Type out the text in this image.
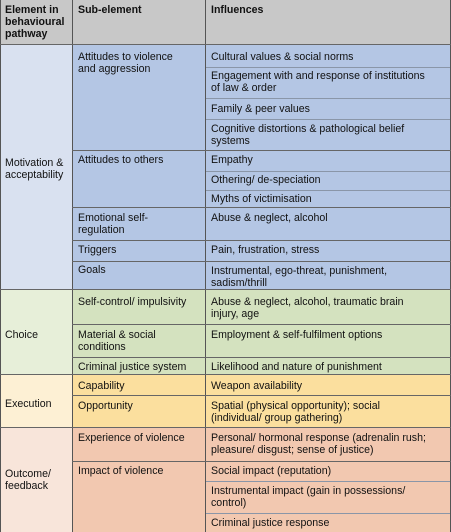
Element in
behavioural
pathway
Sub-element	Influences
Motivation &
acceptability
Choice
Execution
Outcome/
feedback
Attitudes to violence
and aggression
Attitudes to others
Emotional self-
regulation
Triggers
Goals
Self-control/ impulsivity
Material & social
conditions
Criminal justice system
Capability
Opportunity
Experience of violence
Impact of violence
Cultural values & social norms
Engagement with and response of institutions
of law & order
Family & peer values
Cognitive distortions & pathological belief
systems
Empathy
Othering/ de-speciation
Myths of victimisation
Abuse & neglect, alcohol
Pain, frustration, stress
Instrumental, ego-threat, punishment,
sadism/thrill
Abuse & neglect, alcohol, traumatic brain
injury, age
Employment & self-fulfilment options
Likelihood and nature of punishment
Weapon availability
Spatial (physical opportunity); social
(individual/ group gathering)
Personal/ hormonal response (adrenalin rush;
pleasure/ disgust; sense of justice)
Social impact (reputation)
Instrumental impact (gain in possessions/
control)
Criminal justice response
